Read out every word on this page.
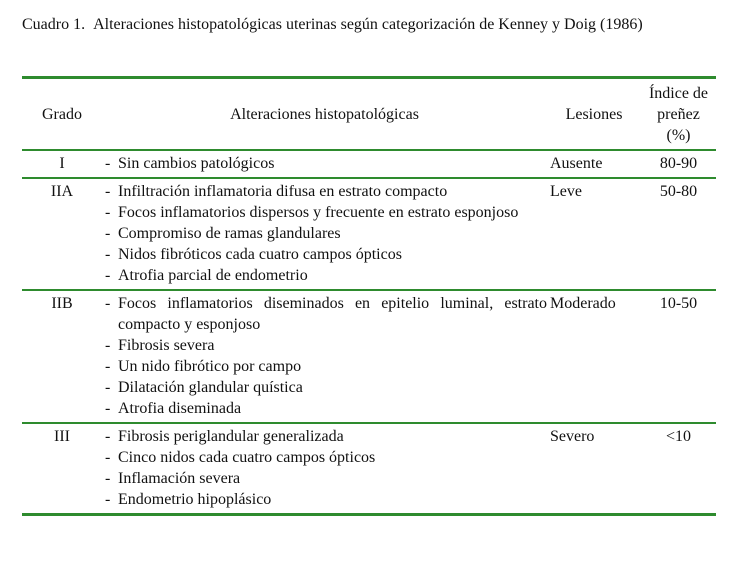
Cuadro 1. Alteraciones histopatológicas uterinas según categorización de Kenney y Doig (1986)
Grado	Alteraciones histopatológicas	Lesiones
Índice de
preñez
(%)
I	- Sin cambios patológicos	Ausente	80-90
IIA	- Infiltración inflamatoria difusa en estrato compacto
- Focos inflamatorios dispersos y frecuente en estrato esponjoso
- Compromiso de ramas glandulares
- Nidos fibróticos cada cuatro campos ópticos
- Atrofia parcial de endometrio
Leve	50-80
IIB	- Focos inflamatorios diseminados en epitelio luminal, estrato compacto y esponjoso
- Fibrosis severa
- Un nido fibrótico por campo
- Dilatación glandular quística
- Atrofia diseminada
Moderado	10-50
III	- Fibrosis periglandular generalizada
- Cinco nidos cada cuatro campos ópticos
- Inflamación severa
- Endometrio hipoplásico
Severo	<10
